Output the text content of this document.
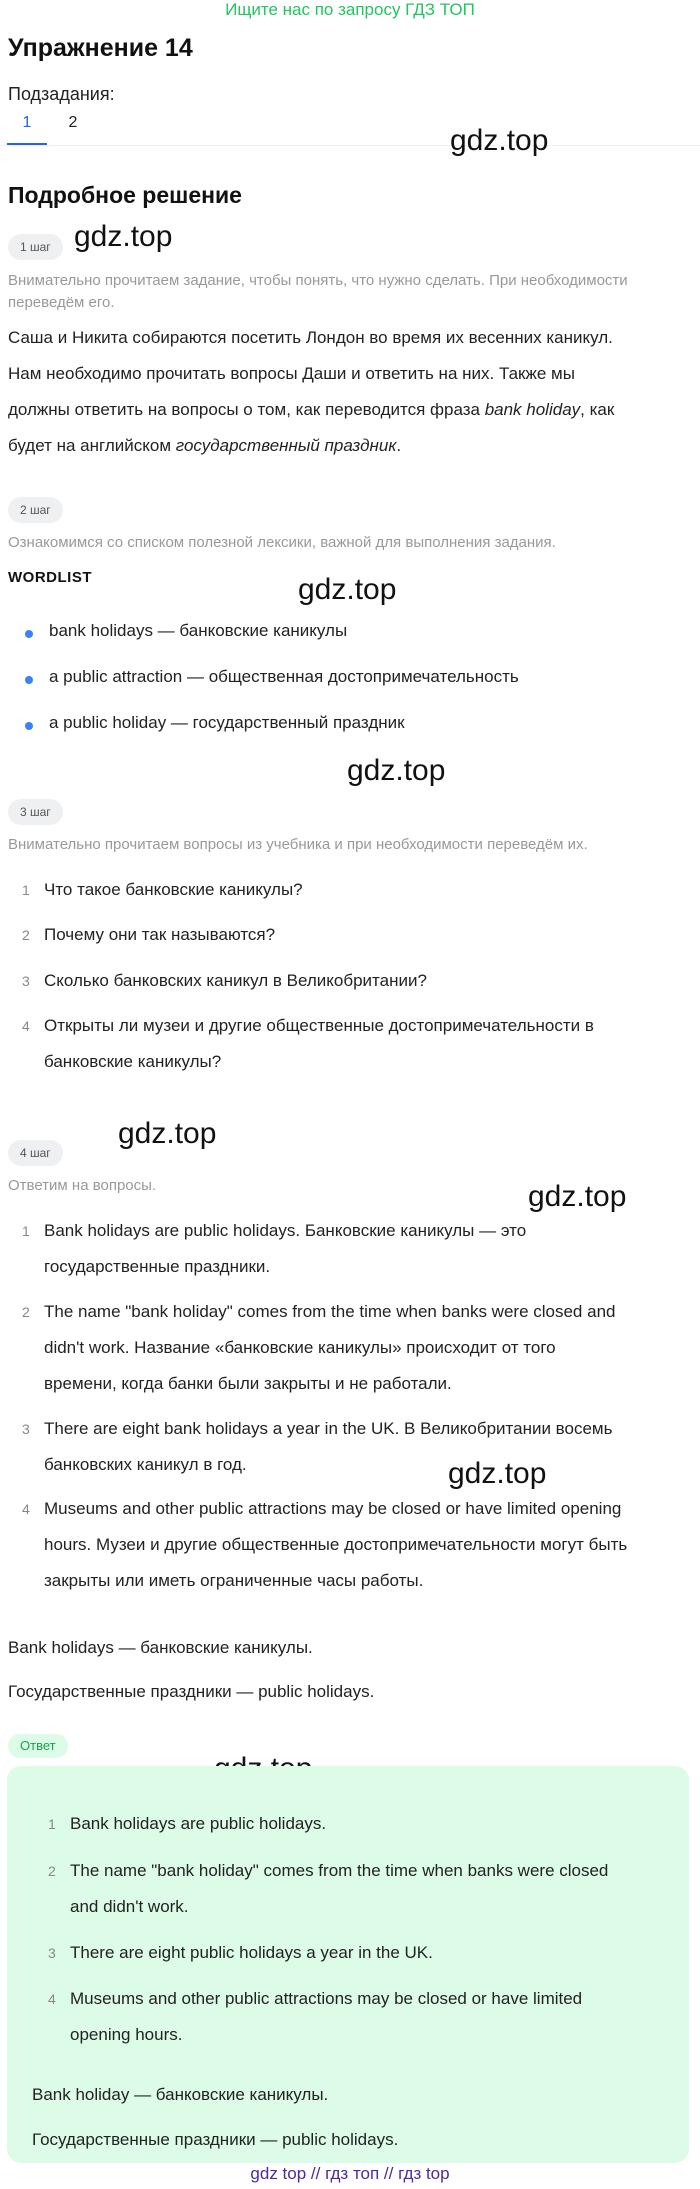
Ищите нас по запросу ГДЗ ТОП
Упражнение 14
Подзадания:
1	2
Подробное решение
gdz.top
gdz.top
gdz.top
gdz.top
gdz.top
gdz.top
gdz.top
1 шаг
Внимательно прочитаем задание, чтобы понять, что нужно сделать. При необходимости переведём его.
Саша и Никита собираются посетить Лондон во время их весенних каникул.
Нам необходимо прочитать вопросы Даши и ответить на них. Также мы
должны ответить на вопросы о том, как переводится фраза bank holiday, как
будет на английском государственный праздник.
2 шаг
Ознакомимся со списком полезной лексики, важной для выполнения задания.
WORDLIST
bank holidays — банковские каникулы
a public attraction — общественная достопримечательность
a public holiday — государственный праздник
3 шаг
Внимательно прочитаем вопросы из учебника и при необходимости переведём их.
1 Что такое банковские каникулы?
2 Почему они так называются?
3 Сколько банковских каникул в Великобритании?
4 Открыты ли музеи и другие общественные достопримечательности в
банковские каникулы?
4 шаг
Ответим на вопросы.
1 Bank holidays are public holidays. Банковские каникулы — это
государственные праздники.
2 The name "bank holiday" comes from the time when banks were closed and
didn't work. Название «банковские каникулы» происходит от того
времени, когда банки были закрыты и не работали.
3 There are eight bank holidays a year in the UK. В Великобритании восемь
банковских каникул в год.
4 Museums and other public attractions may be closed or have limited opening
hours. Музеи и другие общественные достопримечательности могут быть
закрыты или иметь ограниченные часы работы.
Bank holidays — банковские каникулы.
Государственные праздники — public holidays.
Ответ
1 Bank holidays are public holidays.
2 The name "bank holiday" comes from the time when banks were closed
and didn't work.
3 There are eight public holidays a year in the UK.
4 Museums and other public attractions may be closed or have limited
opening hours.
Bank holiday — банковские каникулы.
Государственные праздники — public holidays.
gdz top // гдз топ // гдз top
